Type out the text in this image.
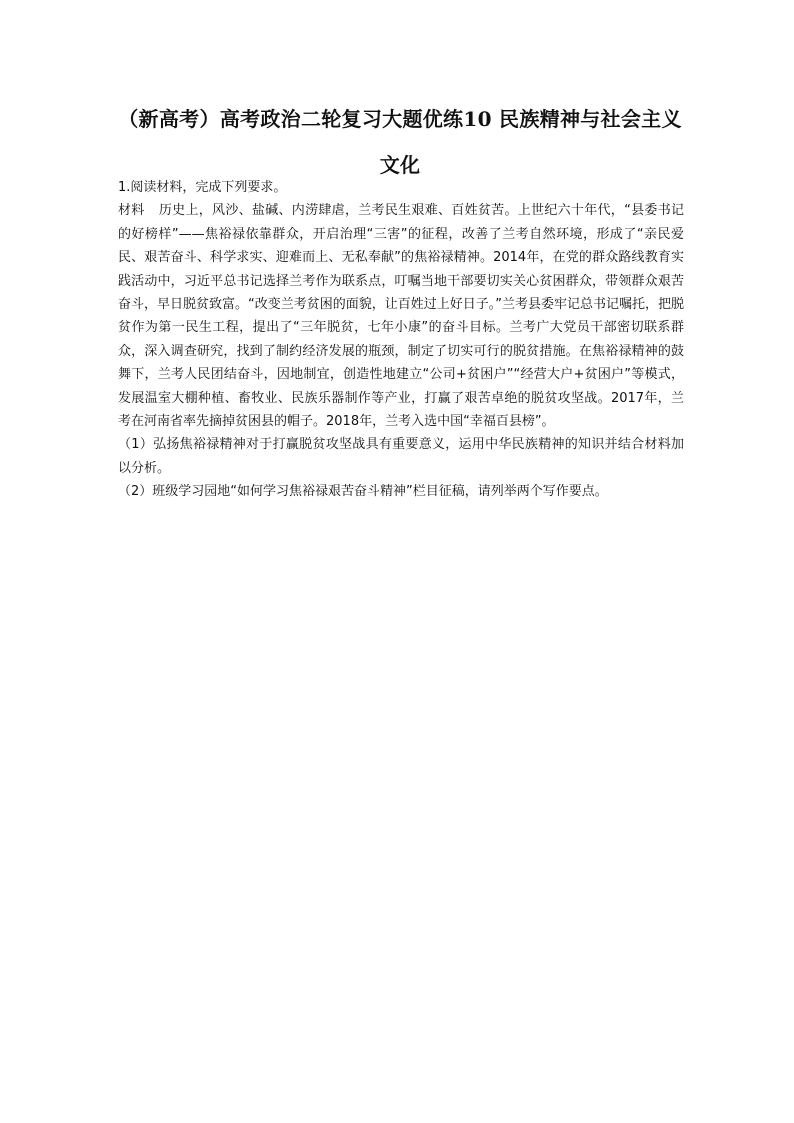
（新高考）高考政治二轮复习大题优练10 民族精神与社会主义文化

1.阅读材料，完成下列要求。

材料 历史上，风沙、盐碱、内涝肆虐，兰考民生艰难、百姓贫苦。上世纪六十年代，“县委书记的好榜样”——焦裕禄依靠群众，开启治理“三害”的征程，改善了兰考自然环境，形成了“亲民爱民、艰苦奋斗、科学求实、迎难而上、无私奉献”的焦裕禄精神。2014年，在党的群众路线教育实践活动中，习近平总书记选择兰考作为联系点，叮嘱当地干部要切实关心贫困群众，带领群众艰苦奋斗，早日脱贫致富。“改变兰考贫困的面貌，让百姓过上好日子。”兰考县委牢记总书记嘱托，把脱贫作为第一民生工程，提出了“三年脱贫，七年小康”的奋斗目标。兰考广大党员干部密切联系群众，深入调查研究，找到了制约经济发展的瓶颈，制定了切实可行的脱贫措施。在焦裕禄精神的鼓舞下，兰考人民团结奋斗，因地制宜，创造性地建立“公司+贫困户”“经营大户+贫困户”等模式，发展温室大棚种植、畜牧业、民族乐器制作等产业，打赢了艰苦卓绝的脱贫攻坚战。2017年，兰考在河南省率先摘掉贫困县的帽子。2018年，兰考入选中国“幸福百县榜”。

（1）弘扬焦裕禄精神对于打赢脱贫攻坚战具有重要意义，运用中华民族精神的知识并结合材料加以分析。

（2）班级学习园地“如何学习焦裕禄艰苦奋斗精神”栏目征稿，请列举两个写作要点。
